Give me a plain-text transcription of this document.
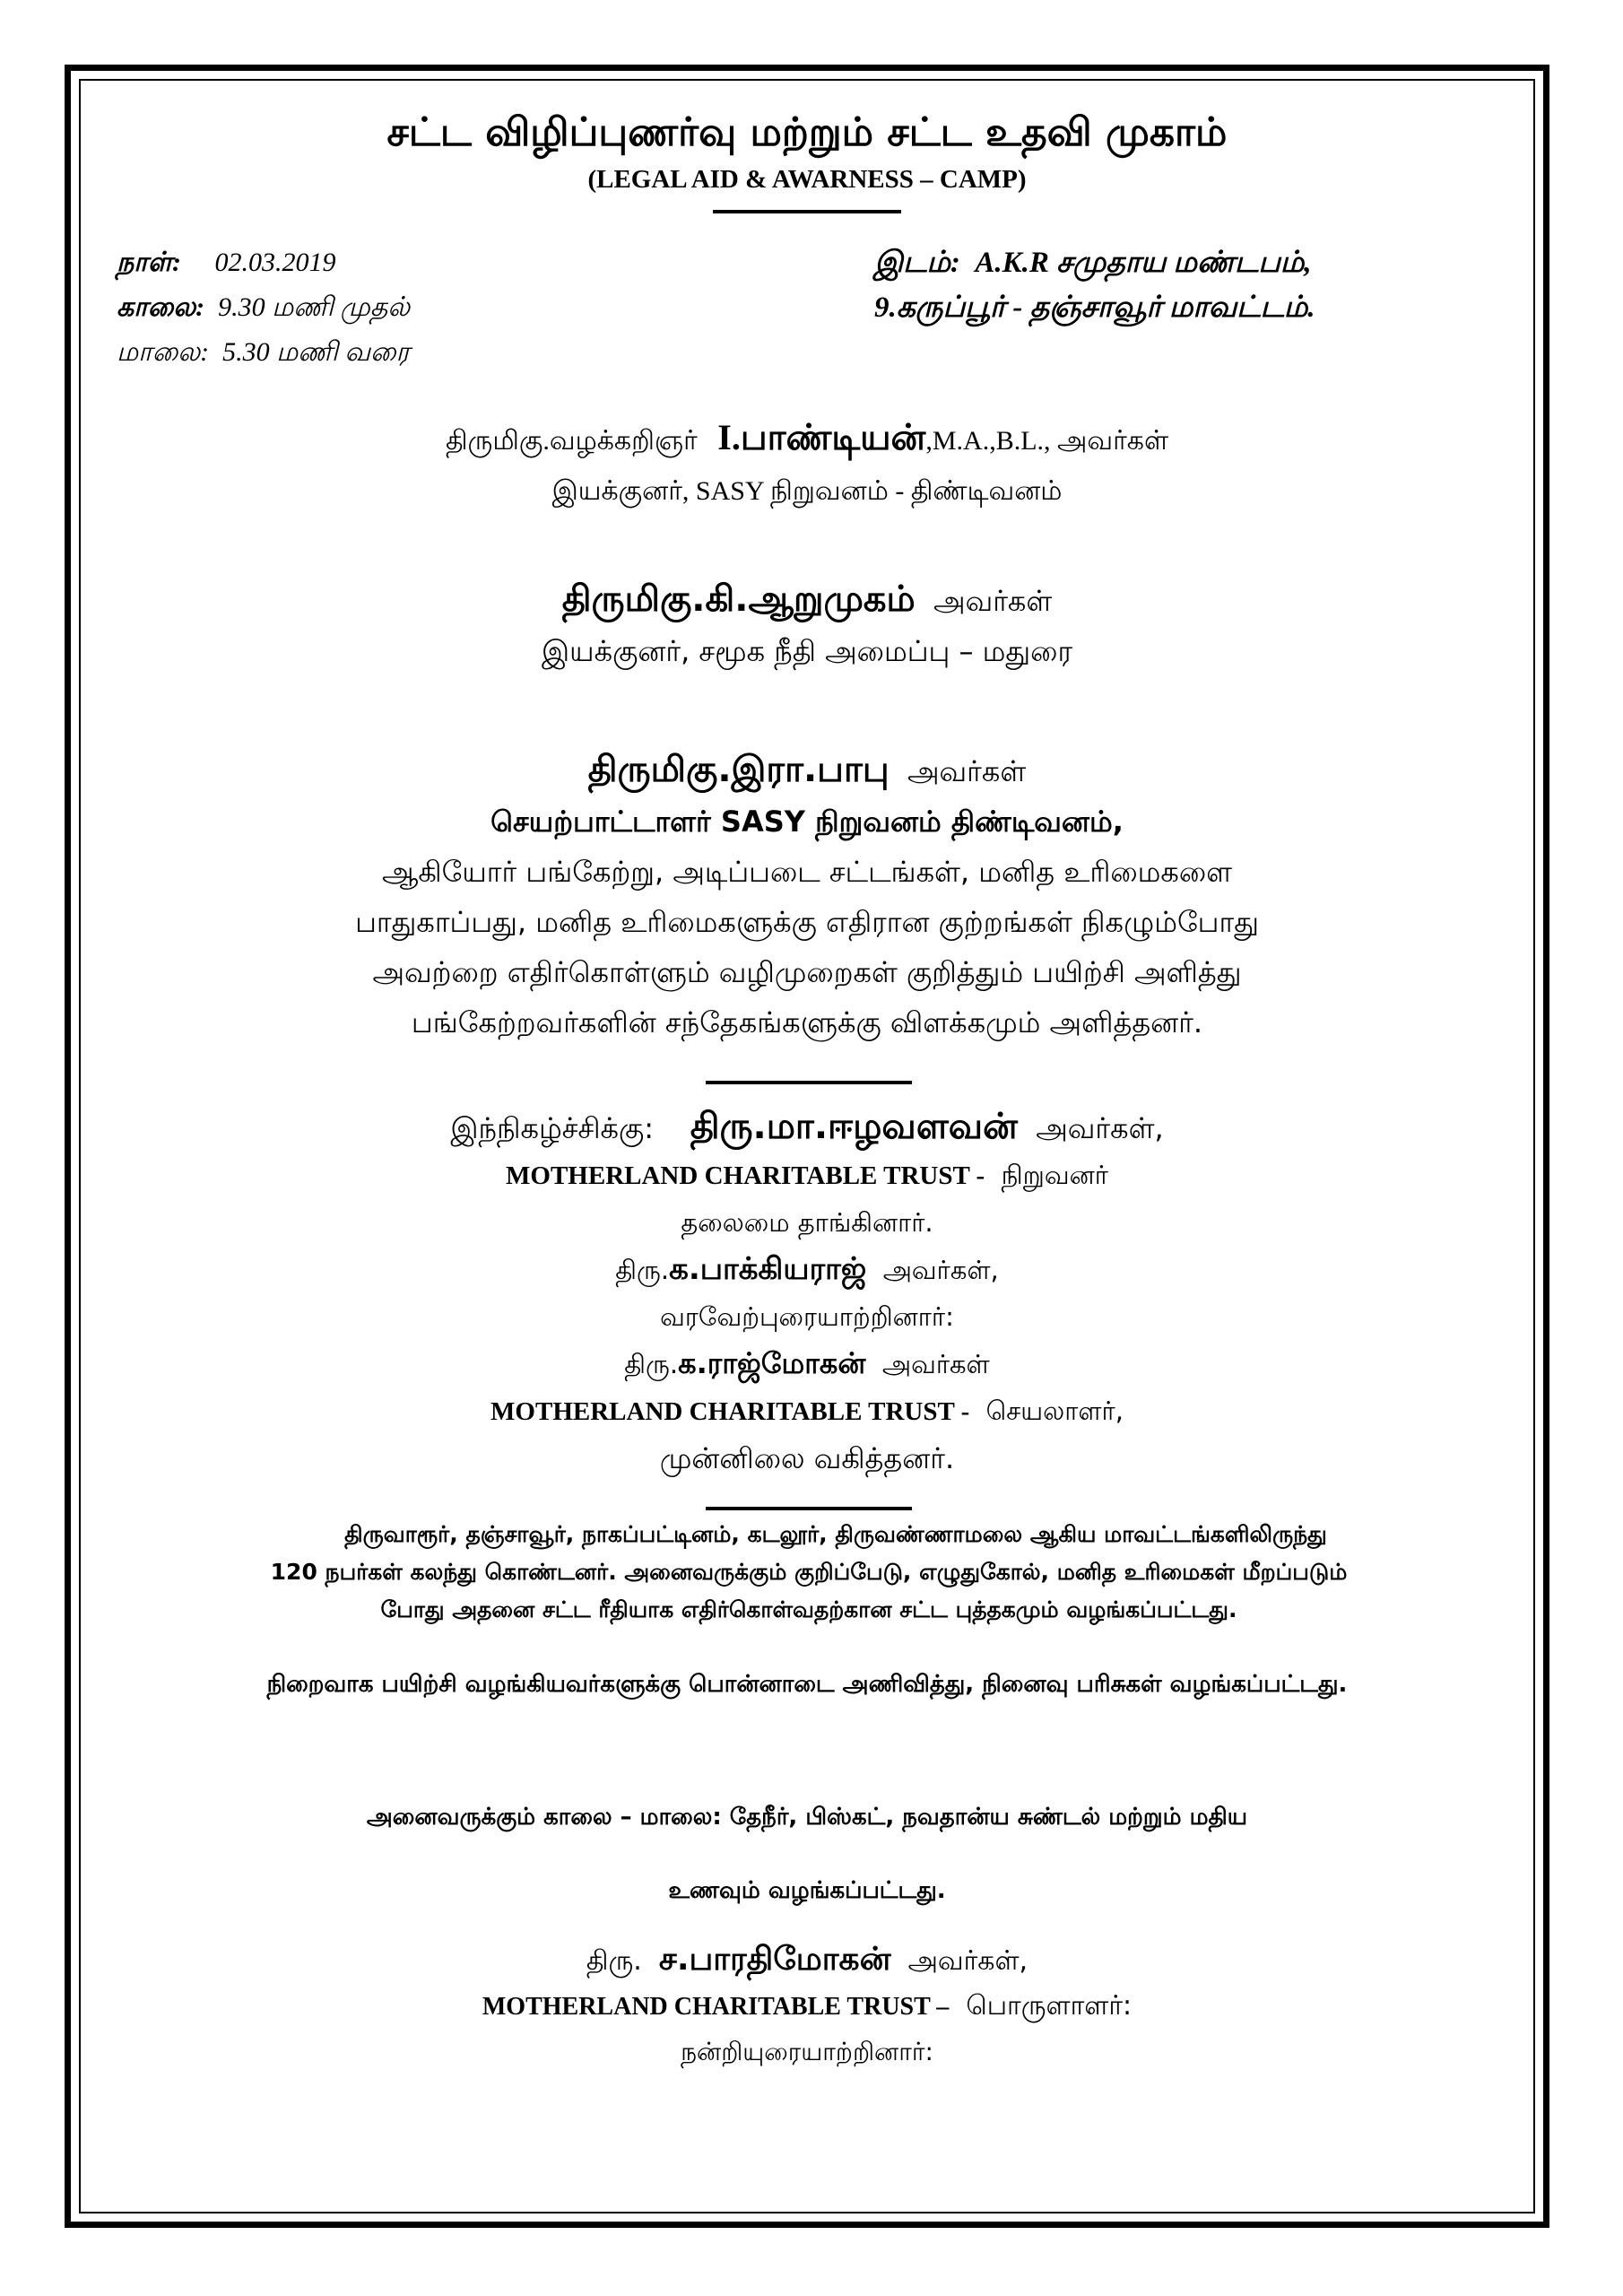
சட்ட விழிப்புணர்வு மற்றும் சட்ட உதவி முகாம்
(LEGAL AID & AWARNESS – CAMP)
நாள்: 02.03.2019
காலை: 9.30 மணி முதல்
மாலை: 5.30 மணி வரை
இடம்: A.K.R சமுதாய மண்டபம்,
9.கருப்பூர் - தஞ்சாவூர் மாவட்டம்.
திருமிகு.வழக்கறிஞர் I.பாண்டியன்,M.A.,B.L., அவர்கள்
இயக்குனர், SASY நிறுவனம் - திண்டிவனம்
திருமிகு.கி.ஆறுமுகம் அவர்கள்
இயக்குனர், சமூக நீதி அமைப்பு – மதுரை
திருமிகு.இரா.பாபு அவர்கள்
செயற்பாட்டாளர் SASY நிறுவனம் திண்டிவனம்,
ஆகியோர் பங்கேற்று, அடிப்படை சட்டங்கள், மனித உரிமைகளை
பாதுகாப்பது, மனித உரிமைகளுக்கு எதிரான குற்றங்கள் நிகழும்போது
அவற்றை எதிர்கொள்ளும் வழிமுறைகள் குறித்தும் பயிற்சி அளித்து
பங்கேற்றவர்களின் சந்தேகங்களுக்கு விளக்கமும் அளித்தனர்.
இந்நிகழ்ச்சிக்கு: திரு.மா.ஈழவளவன் அவர்கள்,
MOTHERLAND CHARITABLE TRUST - நிறுவனர்
தலைமை தாங்கினார்.
திரு.க.பாக்கியராஜ் அவர்கள்,
வரவேற்புரையாற்றினார்:
திரு.க.ராஜ்மோகன் அவர்கள்
MOTHERLAND CHARITABLE TRUST - செயலாளர்,
முன்னிலை வகித்தனர்.
திருவாரூர், தஞ்சாவூர், நாகப்பட்டினம், கடலூர், திருவண்ணாமலை ஆகிய மாவட்டங்களிலிருந்து
120 நபர்கள் கலந்து கொண்டனர். அனைவருக்கும் குறிப்பேடு, எழுதுகோல், மனித உரிமைகள் மீறப்படும்
போது அதனை சட்ட ரீதியாக எதிர்கொள்வதற்கான சட்ட புத்தகமும் வழங்கப்பட்டது.
நிறைவாக பயிற்சி வழங்கியவர்களுக்கு பொன்னாடை அணிவித்து, நினைவு பரிசுகள் வழங்கப்பட்டது.
அனைவருக்கும் காலை – மாலை: தேநீர், பிஸ்கட், நவதான்ய சுண்டல் மற்றும் மதிய
உணவும் வழங்கப்பட்டது.
திரு. ச.பாரதிமோகன் அவர்கள்,
MOTHERLAND CHARITABLE TRUST – பொருளாளர்:
நன்றியுரையாற்றினார்:
